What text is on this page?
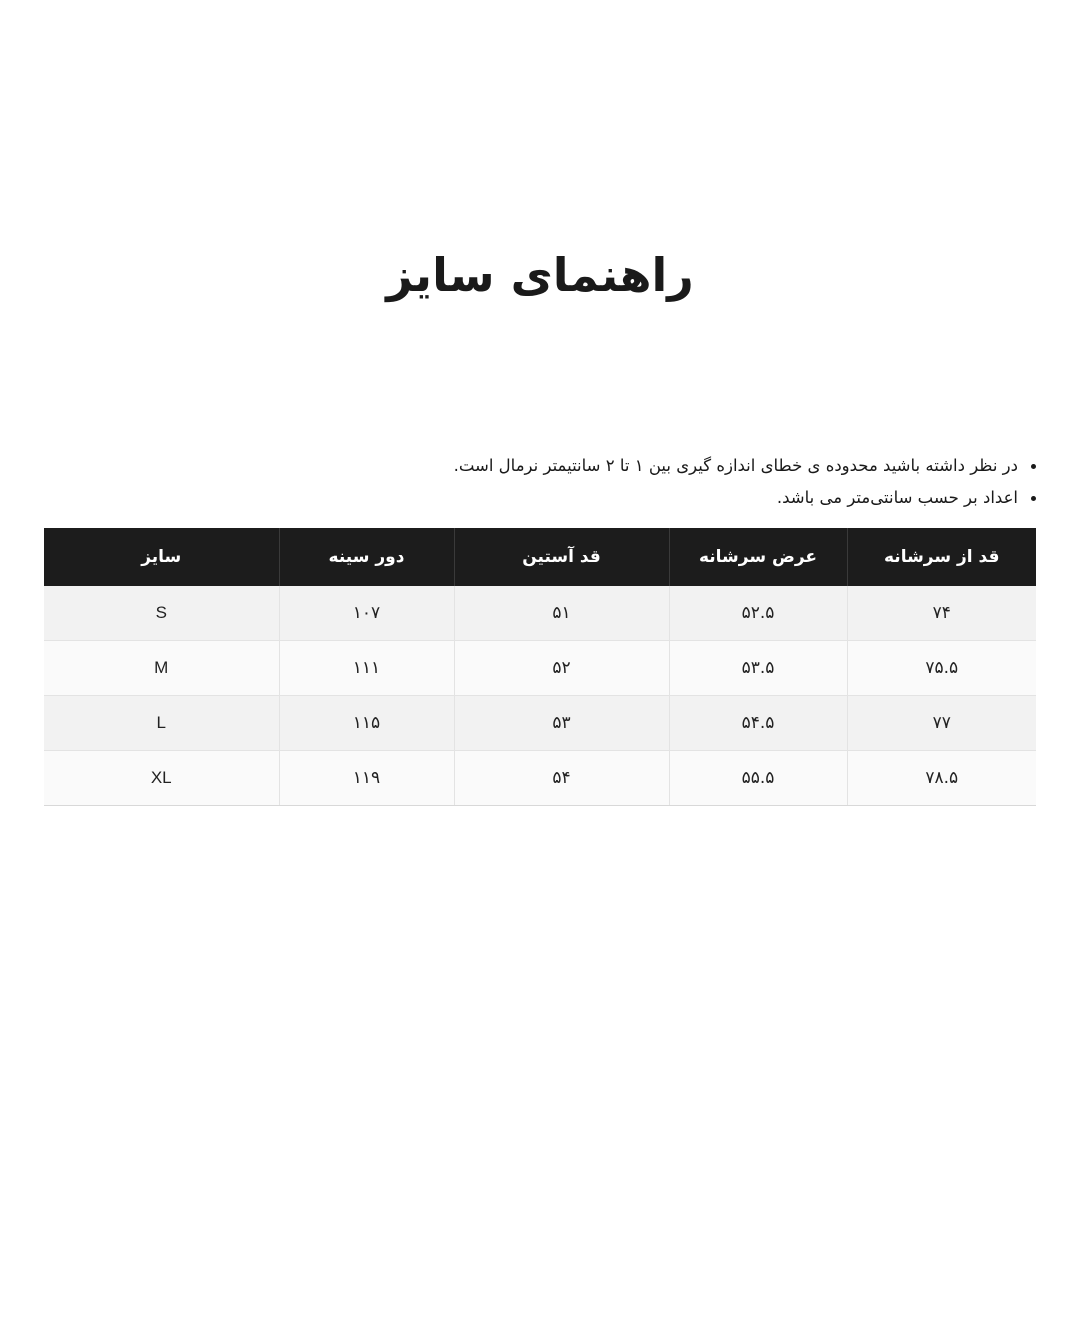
راهنمای سایز
در نظر داشته باشید محدوده ی خطای اندازه گیری بین ۱ تا ۲ سانتیمتر نرمال است.
اعداد بر حسب سانتی‌متر می باشد.
قد از سرشانه	عرض سرشانه	قد آستین	دور سینه	سایز
۷۴	۵۲.۵	۵۱	۱۰۷	S
۷۵.۵	۵۳.۵	۵۲	۱۱۱	M
۷۷	۵۴.۵	۵۳	۱۱۵	L
۷۸.۵	۵۵.۵	۵۴	۱۱۹	XL
